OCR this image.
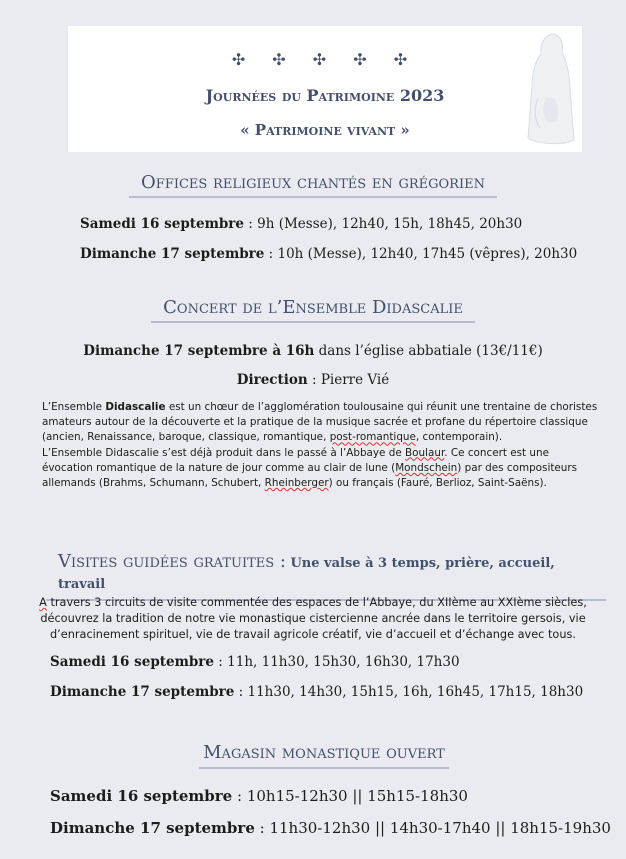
✣ ✣ ✣ ✣ ✣
Journées du Patrimoine 2023
« Patrimoine vivant »
Offices religieux chantés en grégorien
Samedi 16 septembre : 9h (Messe), 12h40, 15h, 18h45, 20h30
Dimanche 17 septembre : 10h (Messe), 12h40, 17h45 (vêpres), 20h30
Concert de l’Ensemble Didascalie
Dimanche 17 septembre à 16h dans l’église abbatiale (13€/11€)
Direction : Pierre Vié

L’Ensemble Didascalie est un chœur de l’agglomération toulousaine qui réunit une trentaine de choristes amateurs autour de la découverte et la pratique de la musique sacrée et profane du répertoire classique (ancien, Renaissance, baroque, classique, romantique, post-romantique, contemporain).

L’Ensemble Didascalie s’est déjà produit dans le passé à l’Abbaye de Boulaur. Ce concert est une évocation romantique de la nature de jour comme au clair de lune (Mondschein) par des compositeurs allemands (Brahms, Schumann, Schubert, Rheinberger) ou français (Fauré, Berlioz, Saint-Saëns).

Visites guidées gratuites : Une valse à 3 temps, prière, accueil, travail
A travers 3 circuits de visite commentée des espaces de l’Abbaye, du XIIème au XXIème siècles, découvrez la tradition de notre vie monastique cistercienne ancrée dans le territoire gersois, vie d’enracinement spirituel, vie de travail agricole créatif, vie d’accueil et d’échange avec tous.
Samedi 16 septembre : 11h, 11h30, 15h30, 16h30, 17h30
Dimanche 17 septembre : 11h30, 14h30, 15h15, 16h, 16h45, 17h15, 18h30
Magasin monastique ouvert
Samedi 16 septembre : 10h15-12h30 || 15h15-18h30
Dimanche 17 septembre : 11h30-12h30 || 14h30-17h40 || 18h15-19h30
